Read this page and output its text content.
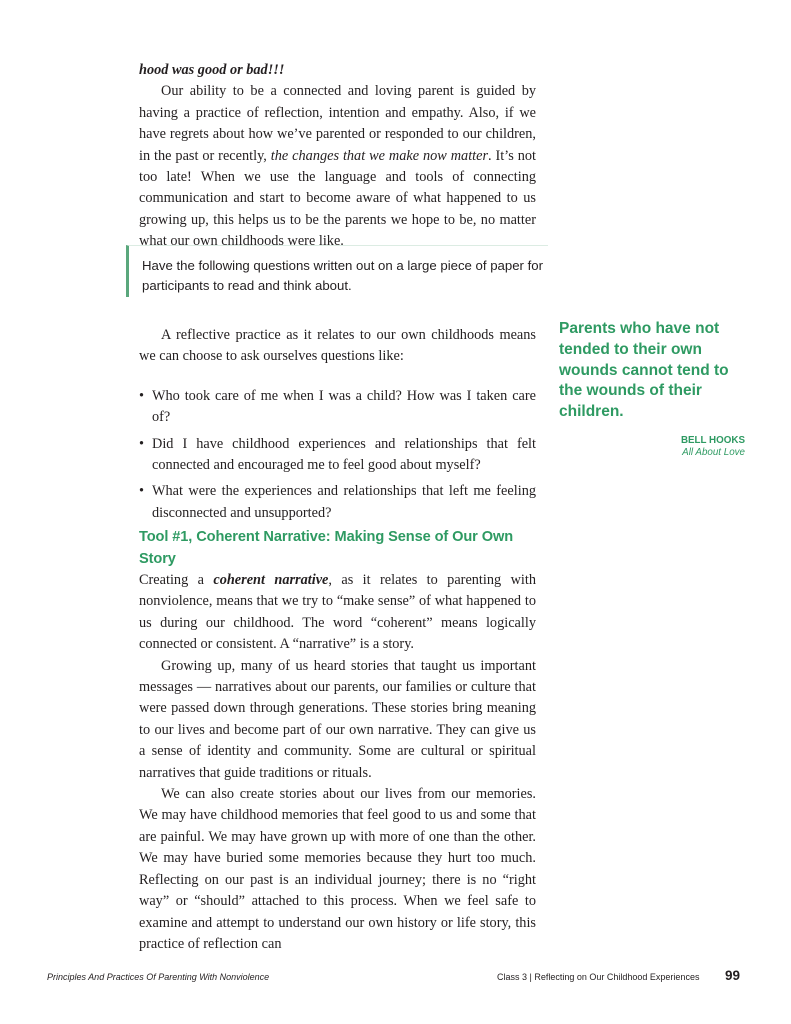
hood was good or bad!!!

Our ability to be a connected and loving parent is guided by having a practice of reflection, intention and empathy. Also, if we have regrets about how we’ve parented or responded to our children, in the past or recently, the changes that we make now matter. It’s not too late! When we use the language and tools of connecting communication and start to become aware of what happened to us growing up, this helps us to be the parents we hope to be, no matter what our own childhoods were like.

Have the following questions written out on a large piece of paper for participants to read and think about.

A reflective practice as it relates to our own childhoods means we can choose to ask ourselves questions like:

• Who took care of me when I was a child? How was I taken care of?
• Did I have childhood experiences and relationships that felt connected and encouraged me to feel good about myself?
• What were the experiences and relationships that left me feeling disconnected and unsupported?
Tool #1, Coherent Narrative: Making Sense of Our Own Story

Creating a coherent narrative, as it relates to parenting with nonviolence, means that we try to “make sense” of what happened to us during our childhood. The word “coherent” means logically connected or consistent. A “narrative” is a story.

Growing up, many of us heard stories that taught us important messages — narratives about our parents, our families or culture that were passed down through generations. These stories bring meaning to our lives and become part of our own narrative. They can give us a sense of identity and community. Some are cultural or spiritual narratives that guide traditions or rituals.

We can also create stories about our lives from our memories. We may have childhood memories that feel good to us and some that are painful. We may have grown up with more of one than the other. We may have buried some memories because they hurt too much. Reflecting on our past is an individual journey; there is no “right way” or “should” attached to this process. When we feel safe to examine and attempt to understand our own history or life story, this practice of reflection can

Parents who have not tended to their own wounds cannot tend to the wounds of their children.

BELL HOOKS
All About Love
Principles And Practices Of Parenting With Nonviolence	Class 3 | Reflecting on Our Childhood Experiences 99
